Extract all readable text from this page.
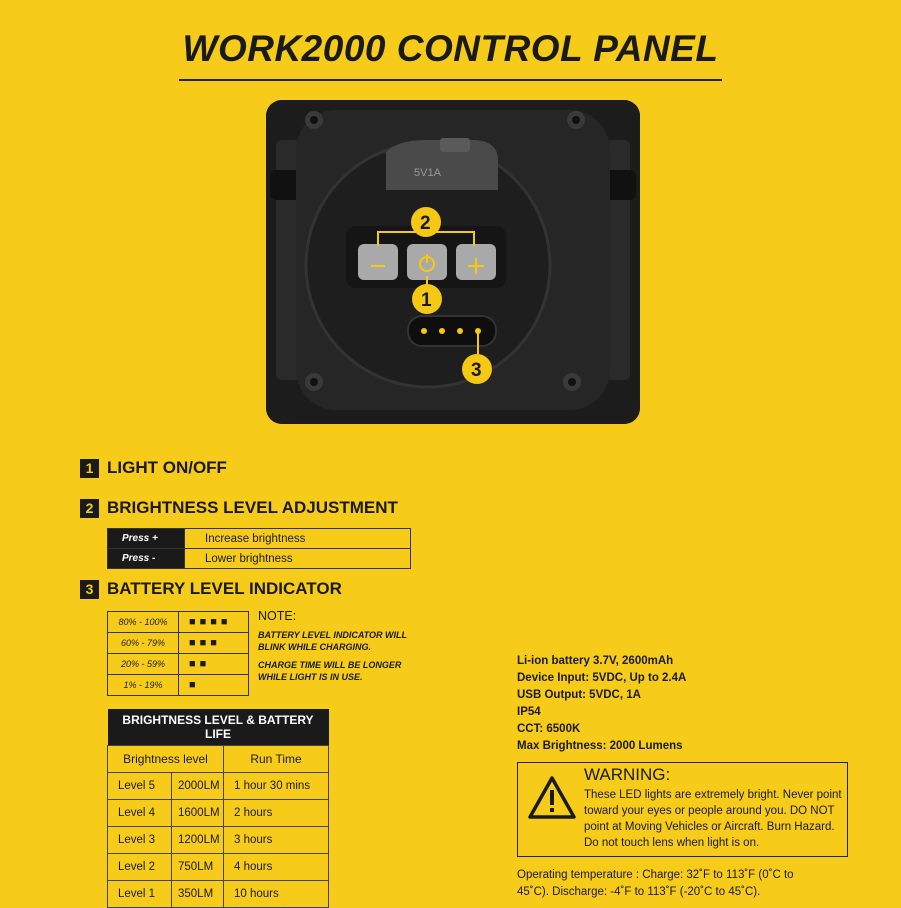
WORK2000 CONTROL PANEL
5V1A
2
1
3
1 LIGHT ON/OFF
2 BRIGHTNESS LEVEL ADJUSTMENT
Press +	Increase brightness
Press -	Lower brightness
3 BATTERY LEVEL INDICATOR
80% - 100%	■■■■
60% - 79%	■■■
20% - 59%	■■
1% - 19%	■
NOTE:
BATTERY LEVEL INDICATOR WILL BLINK WHILE CHARGING.
CHARGE TIME WILL BE LONGER WHILE LIGHT IS IN USE.
BRIGHTNESS LEVEL & BATTERY LIFE		
Brightness level		Run Time
Level 5	2000LM	1 hour 30 mins
Level 4	1600LM	2 hours
Level 3	1200LM	3 hours
Level 2	750LM	4 hours
Level 1	350LM	10 hours
Li-ion battery 3.7V, 2600mAh
Device Input: 5VDC, Up to 2.4A
USB Output: 5VDC, 1A
IP54
CCT: 6500K
Max Brightness: 2000 Lumens
WARNING:
These LED lights are extremely bright. Never point toward your eyes or people around you. DO NOT point at Moving Vehicles or Aircraft. Burn Hazard. Do not touch lens when light is on.
Operating temperature : Charge: 32˚F to 113˚F (0˚C to 45˚C). Discharge: -4˚F to 113˚F (-20˚C to 45˚C).
